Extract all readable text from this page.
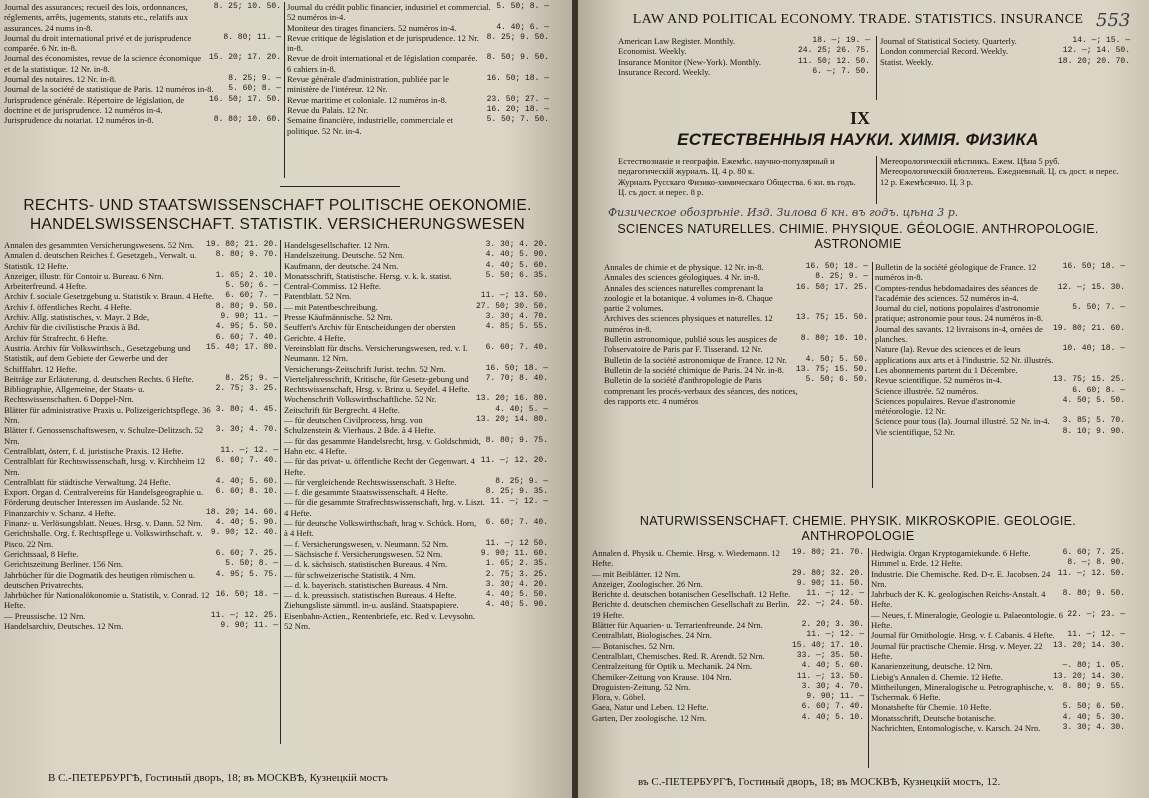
Journal des assurances; recueil des lois, ordonnances, réglements, arrêts, jugements, statuts etc., relatifs aux assurances. 24 nums in-8.
8. 25; 10. 50.
Journal du droit international privé et de jurisprudence comparée. 6 Nr. in-8.
8. 80; 11. —
Journal des économistes, revue de la science économique et de la statistique. 12 Nr. in-8.
15. 20; 17. 20.
Journal des notaires. 12 Nr. in-8.	8. 25; 9. —
Journal de la société de statistique de Paris. 12 numéros in-8.	5. 60; 8. —
Jurisprudence générale. Répertoire de législation, de doctrine et de jurisprudence. 12 numéros in-4.
16. 50; 17. 50.
Jurisprudence du notariat. 12 numéros in-8.	8. 80; 10. 60.
Journal du crédit public financier, industriel et commercial. 52 numéros in-4.
5. 50; 8. —
Moniteur des tirages financiers. 52 numéros in-4.	4. 40; 6. —
Revue critique de législation et de jurisprudence. 12 Nr. in-8.
8. 25; 9. 50.
Revue de droit international et de législation comparée. 6 cahiers in-8.
8. 50; 9. 50.
Revue générale d'administration, publiée par le ministère de l'intéreur. 12 Nr.
16. 50; 18. —
Revue maritime et coloniale. 12 numéros in-8.	23. 50; 27. —
Revue du Palais. 12 Nr.	16. 20; 18. —
Semaine financière, industrielle, commerciale et politique. 52 Nr. in-4.
5. 50; 7. 50.
RECHTS- UND STAATSWISSENSCHAFT POLITISCHE OEKONOMIE. HANDELSWISSENSCHAFT. STATISTIK. VERSICHERUNGSWESEN
Annalen des gesammten Versicherungswesens. 52 Nrn.	19. 80; 21. 20.
Annalen d. deutschen Reiches f. Gesetzgeb., Verwalt. u. Statistik. 12 Hefte.
8. 80; 9. 70.
Anzeiger, illustr. für Contoir u. Bureau. 6 Nrn.	1. 65; 2. 10.
Arbeiterfreund. 4 Hefte.	5. 50; 6. —
Archiv f. sociale Gesetzgebung u. Statistik v. Braun. 4 Hefte.	6. 60; 7. —
Archiv f. öffentliches Recht. 4 Hefte.	8. 80; 9. 50.
Archiv. Allg. statistisches, v. Mayr. 2 Bde,	9. 90; 11. —
Archiv für die civilistische Praxis à Bd.	4. 95; 5. 50.
Archiv für Strafrecht. 6 Hefte.	6. 60; 7. 40.
Austria. Archiv für Volkswirthsch., Gesetzgebung und Statistik, auf dem Gebiete der Gewerbe und der Schifffahrt. 12 Hefte.
15. 40; 17. 80.
Beiträge zur Erläuterung. d. deutschen Rechts. 6 Hefte.	8. 25; 9. —
Bibliographie, Allgemeine, der Staats- u. Rechtswissenschaften. 6 Doppel-Nrn.
2. 75; 3. 25.
Blätter für administrative Praxis u. Polizeigerichtspflege. 36 Nrn.
3. 80; 4. 45.
Blätter f. Genossenschaftswesen, v. Schulze-Delitzsch. 52 Nrn.
3. 30; 4. 70.
Centralblatt, österr, f. d. juristische Praxis. 12 Hefte.	11. —; 12. —
Centralblatt für Rechtswissenschaft, hrsg. v. Kirchheim 12 Nrn.
6. 60; 7. 40.
Centralblatt für städtische Verwaltung. 24 Hefte.	4. 40; 5. 60.
Export. Organ d. Centralvereins für Handelsgeographie u. Förderung deutscher Interessen im Auslande. 52 Nr.
6. 60; 8. 10.
Finanzarchiv v. Schanz. 4 Hefte.	18. 20; 14. 60.
Finanz- u. Verlösungsblatt. Neues. Hrsg. v. Dann. 52 Nrn.	4. 40; 5. 90.
Gerichtshalle. Org. f. Rechtspflege u. Volkswirthschaft. v. Pisco. 22 Nrn.
9. 90; 12. 40.
Gerichtssaal, 8 Hefte.	6. 60; 7. 25.
Gerichtszeitung Berliner. 156 Nrn.	5. 50; 8. —
Jahrbücher für die Dogmatik des heutigen römischen u. deutschen Privatrechts.
4. 95; 5. 75.
Jahrbücher für Nationalökonomie u. Statistik, v. Conrad. 12 Hefte.
16. 50; 18. —
— Preussische. 12 Nrn.	11. —; 12. 25.
Handelsarchiv, Deutsches. 12 Nrn.	9. 90; 11. —
Handelsgesellschafter. 12 Nrn.	3. 30; 4. 20.
Handelszeitung. Deutsche. 52 Nrn.	4. 40; 5. 90.
Kaufmann, der deutsche. 24 Nrn.	4. 40; 5. 60.
Monatsschrift, Statistische. Hersg. v. k. k. statist. Central-Commiss. 12 Hefte.
5. 50; 6. 35.
Patentblatt. 52 Nrn.	11. —; 13. 50.
— mit Patentbeschreibung.	27. 50; 30. 50.
Presse Käufmännische. 52 Nrn.	3. 30; 4. 70.
Seuffert's Archiv für Entscheidungen der obersten Gerichte. 4 Hefte.
4. 85; 5. 55.
Vereinsblatt für dtschs. Versicherungswesen, red. v. I. Neumann. 12 Nrn.
6. 60; 7. 40.
Versicherungs-Zeitschrift Jurist. techn. 52 Nrn.	16. 50; 18. —
Vierteljahresschrift, Kritische, für Gesetz-gebung und Rechtswissenschaft, Hrsg. v. Brinz u. Seydel. 4 Hefte.
7. 70; 8. 40.
Wochenschrift Volkswirthschaftliche. 52 Nr.	13. 20; 16. 80.
Zeitschrift für Bergrecht. 4 Hefte.	4. 40; 5. —
— für deutschen Civilprocess, hrsg. von Schulzenstein & Vierhaus. 2 Bde. à 4 Hefte.
13. 20; 14. 80.
— für das gesammte Handelsrecht, hrsg. v. Goldschmidt, Hahn etc. 4 Hefte.
8. 80; 9. 75.
— für das privat- u. öffentliche Recht der Gegenwart. 4 Hefte.
11. —; 12. 20.
— für vergleichende Rechtswissenschaft. 3 Hefte.	8. 25; 9. —
— f. die gesammte Staatswissenschaft. 4 Hefte.	8. 25; 9. 35.
— für die gesammte Strafrechtswissenschaft, hrg. v. Liszt. 4 Hefte.
11. —; 12. —
— für deutsche Volkswirthschaft, hrag v. Schück. Horn, à 4 Heft.
6. 60; 7. 40.
— f. Versicherungswesen, v. Neumann. 52 Nrn.	11. —; 12 50.
— Sächsische f. Versicherungswesen. 52 Nrn.	9. 90; 11. 60.
— d. k. sächsisch. statistischen Bureaus. 4 Nrn.	1. 65; 2. 35.
— für schweizerische Statistik. 4 Nrn.	2. 75; 3. 25.
— d. k. bayerisch. statistischen Bureaus. 4 Nrn.	3. 30; 4. 20.
— d. k. preussisch. statistischen Bureaus. 4 Hefte.	4. 40; 5. 50.
Ziehungsliste sämmtl. in-u. ausländ. Staatspapiere. Eisenbahn-Actien., Rentenbriefe, etc. Red v. Levysohn. 52 Nrn.
4. 40; 5. 90.
В С.-ПЕТЕРБУРГѢ, Гостиный дворъ, 18; въ МОСКВѢ, Кузнецкій мостъ
553
LAW AND POLITICAL ECONOMY. TRADE. STATISTICS. INSURANCE
American Law Register. Monthly.	18. —; 19. —
Economist. Weekly.	24. 25; 26. 75.
Insurance Monitor (New-York). Monthly.	11. 50; 12. 50.
Insurance Record. Weekly.	6. —; 7. 50.
Journal of Statistical Society. Quarterly.	14. —; 15. —
London commercial Record. Weekly.	12. —; 14. 50.
Statist. Weekly.	18. 20; 20. 70.
IX
ЕСТЕСТВЕННЫЯ НАУКИ. ХИМІЯ. ФИЗИКА
Естествознаніе и географія. Ежемѣс. научно-популярный и педагогическій журналъ. Ц. 4 р. 80 к.
Журналъ Русскаго Физико-химическаго Общества. 6 кн. въ годъ. Ц. съ дост. и перес. 8 р.
Метеорологическій вѣстникъ. Ежем. Цѣна 5 руб.
Метеорологическій бюллетень. Ежедневный. Ц. съ дост. и перес. 12 р. Ежемѣсячно. Ц. 3 р.
Физическое обозрѣніе. Изд. Зилова 6 кн. въ годъ. цѣна 3 р.
SCIENCES NATURELLES. CHIMIE. PHYSIQUE. GÉOLOGIE. ANTHROPOLOGIE. ASTRONOMIE
Annales de chimie et de physique. 12 Nr. in-8.	16. 50; 18. —
Annales des sciences géologiques. 4 Nr. in-8.	8. 25; 9. —
Annales des sciences naturelles comprenant la zoologie et la botanique. 4 volumes in-8. Chaque partie 2 volumes.
16. 50; 17. 25.
Archives des sciences physiques et naturelles. 12 numéros in-8.
13. 75; 15. 50.
Bulletin astronomique, publié sous les auspices de l'observatoire de Paris par F. Tisserand. 12 Nr.
8. 80; 10. 10.
Bulletin de la société astronomique de France. 12 Nr.	4. 50; 5. 50.
Bulletin de la société chimique de Paris. 24 Nr. in-8.	13. 75; 15. 50.
Bulletin de la société d'anthropologie de Paris comprenant les procés-verbaux des séances, des notices, des rapports etc. 4 numéros
5. 50; 6. 50.
Bulletin de la société géologique de France. 12 numéros in-8.
16. 50; 18. —
Comptes-rendus hebdomadaires des séances de l'académie des sciences. 52 numéros in-4.
12. —; 15. 30.
Journal du ciel, notions populaires d'astronomie pratique; astronomie pour tous. 24 numéros in-8.
5. 50; 7. —
Journal des savants. 12 livraisons in-4, ornées de planches.
19. 80; 21. 60.
Nature (la). Revue des sciences et de leurs applications aux arts et à l'industrie. 52 Nr. illustrés. Les abonnements partent du 1 Décembre.
10. 40; 18. —
Revue scientifique. 52 numéros in-4.	13. 75; 15. 25.
Science illustrée. 52 numéros.	6. 60; 8. —
Sciences populaires. Revue d'astronomie météorologie. 12 Nr.
4. 50; 5. 50.
Science pour tous (la). Journal illustré. 52 Nr. in-4.	3. 85; 5. 70.
Vie scientifique, 52 Nr.	8. 10; 9. 90.
NATURWISSENSCHAFT. CHEMIE. PHYSIK. MIKROSKOPIE. GEOLOGIE. ANTHROPOLOGIE
Annalen d. Physik u. Chemie. Hrsg. v. Wiedemann. 12 Hefte.
19. 80; 21. 70.
— mit Beiblätter. 12 Nrn.	29. 80; 32. 20.
Anzeiger, Zoologischer. 26 Nrn.	9. 90; 11. 50.
Berichte d. deutschen botanischen Gesellschaft. 12 Hefte.	11. —; 12. —
Berichte d. deutschen chemischen Gesellschaft zu Berlin. 19 Hefte.
22. —; 24. 50.
Blätter für Aquarien- u. Terrarienfreunde. 24 Nrn.	2. 20; 3. 30.
Centralblatt, Biologisches. 24 Nrn.	11. —; 12. —
— Botanisches. 52 Nrn.	15. 40; 17. 10.
Centralblatt, Chemisches. Red. R. Arendt. 52 Nrn.	33. —; 35. 50.
Centralzeitung für Optik u. Mechanik. 24 Nrn.	4. 40; 5. 60.
Chemiker-Zeitung von Krause. 104 Nrn.	11. —; 13. 50.
Droguisten-Zeitung. 52 Nrn.	3. 30; 4. 70.
Flora, v. Göbel.	9. 90; 11. —
Gaea, Natur und Leben. 12 Hefte.	6. 60; 7. 40.
Garten, Der zoologische. 12 Nrn.	4. 40; 5. 10.
Hedwigia. Organ Kryptogamiekunde. 6 Hefte.	6. 60; 7. 25.
Himmel u. Erde. 12 Hefte.	8. —; 8. 90.
Industrie. Die Chemische. Red. D-r. E. Jacobsen. 24 Nrn.
11. —; 12. 50.
Jahrbuch der K. K. geologischen Reichs-Anstalt. 4 Hefte.
8. 80; 9. 50.
— Neues, f. Mineralogie, Geologie u. Palaeontologie. 6 Hefte.
22. —; 23. —
Journal für Ornithologie. Hrsg. v. f. Cabanis. 4 Hefte.	11. —; 12. —
Journal für practische Chemie. Hrsg. v. Meyer. 22 Hefte.
13. 20; 14. 30.
Kanarienzeitung, deutsche. 12 Nrn.	—. 80; 1. 05.
Liebig's Annalen d. Chemie. 12 Hefte.	13. 20; 14. 30.
Mittheilungen, Mineralogische u. Petrographische, v. Tschermak. 6 Hefte.
8. 80; 9. 55.
Monatshefte für Chemie. 10 Hefte.	5. 50; 6. 50.
Monatsschrift, Deutsche botanische.	4. 40; 5. 30.
Nachrichten, Entomologische, v. Karsch. 24 Nrn.	3. 30; 4. 30.
въ С.-ПЕТЕРБУРГѢ, Гостиный дворъ, 18; въ МОСКВѢ, Кузнецкій мостъ, 12.
